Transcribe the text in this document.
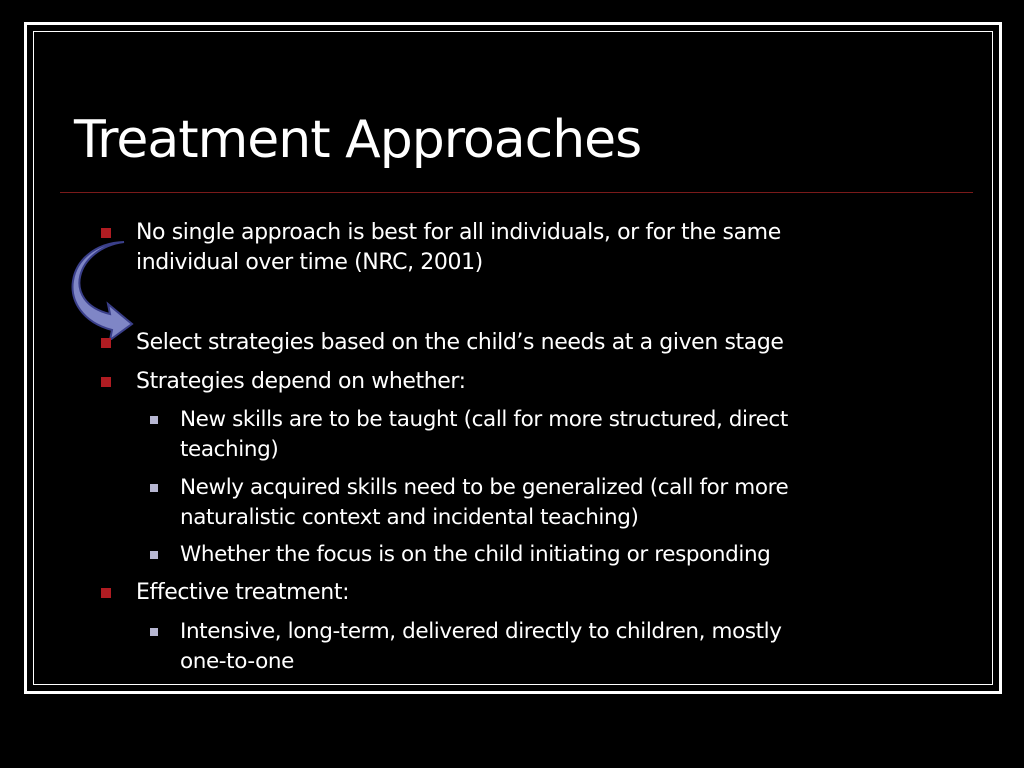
Treatment Approaches
No single approach is best for all individuals, or for the same
individual over time (NRC, 2001)
Select strategies based on the child’s needs at a given stage
Strategies depend on whether:
New skills are to be taught (call for more structured, direct
teaching)
Newly acquired skills need to be generalized (call for more
naturalistic context and incidental teaching)
Whether the focus is on the child initiating or responding
Effective treatment:
Intensive, long-term, delivered directly to children, mostly
one-to-one
